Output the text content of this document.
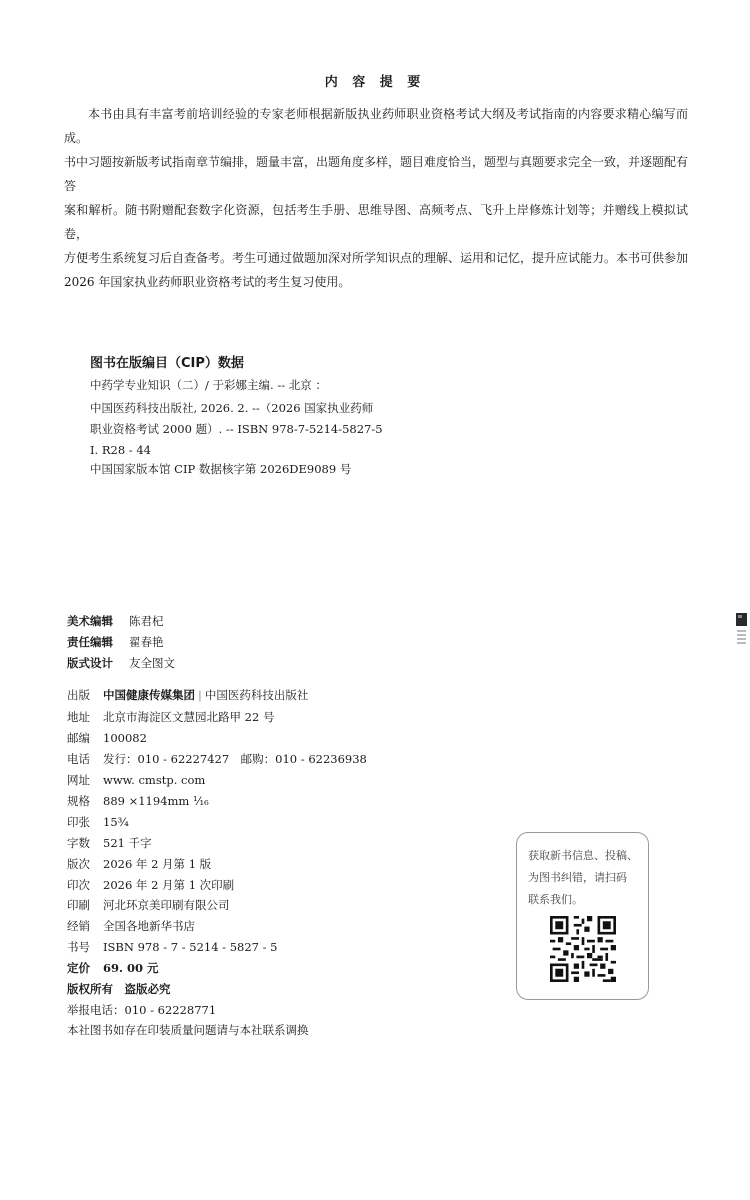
内 容 提 要

本书由具有丰富考前培训经验的专家老师根据新版执业药师职业资格考试大纲及考试指南的内容要求精心编写而成。

书中习题按新版考试指南章节编排，题量丰富，出题角度多样，题目难度恰当，题型与真题要求完全一致，并逐题配有答
案和解析。随书附赠配套数字化资源，包括考生手册、思维导图、高频考点、飞升上岸修炼计划等；并赠线上模拟试卷，
方便考生系统复习后自查备考。考生可通过做题加深对所学知识点的理解、运用和记忆，提升应试能力。本书可供参加
2026 年国家执业药师职业资格考试的考生复习使用。
图书在版编目（CIP）数据
中药学专业知识（二）/ 于彩娜主编. -- 北京 ：
中国医药科技出版社, 2026. 2. --（2026 国家执业药师
职业资格考试 2000 题）. -- ISBN 978-7-5214-5827-5
Ⅰ. R28 - 44
中国国家版本馆 CIP 数据核字第 2026DE9089 号
美术编辑 陈君杞
责任编辑 翟春艳
版式设计 友全图文
出版 中国健康传媒集团 | 中国医药科技出版社
地址 北京市海淀区文慧园北路甲 22 号
邮编 100082
电话 发行：010 - 62227427　邮购：010 - 62236938
网址 www. cmstp. com
规格 889 ×1194mm ¹⁄₁₆
印张 15¾
字数 521 千字
版次 2026 年 2 月第 1 版
印次 2026 年 2 月第 1 次印刷
印刷 河北环京美印刷有限公司
经销 全国各地新华书店
书号 ISBN 978 - 7 - 5214 - 5827 - 5
定价 69. 00 元
版权所有　盗版必究
举报电话：010 - 62228771
本社图书如存在印装质量问题请与本社联系调换
获取新书信息、投稿、
为图书纠错，请扫码
联系我们。
